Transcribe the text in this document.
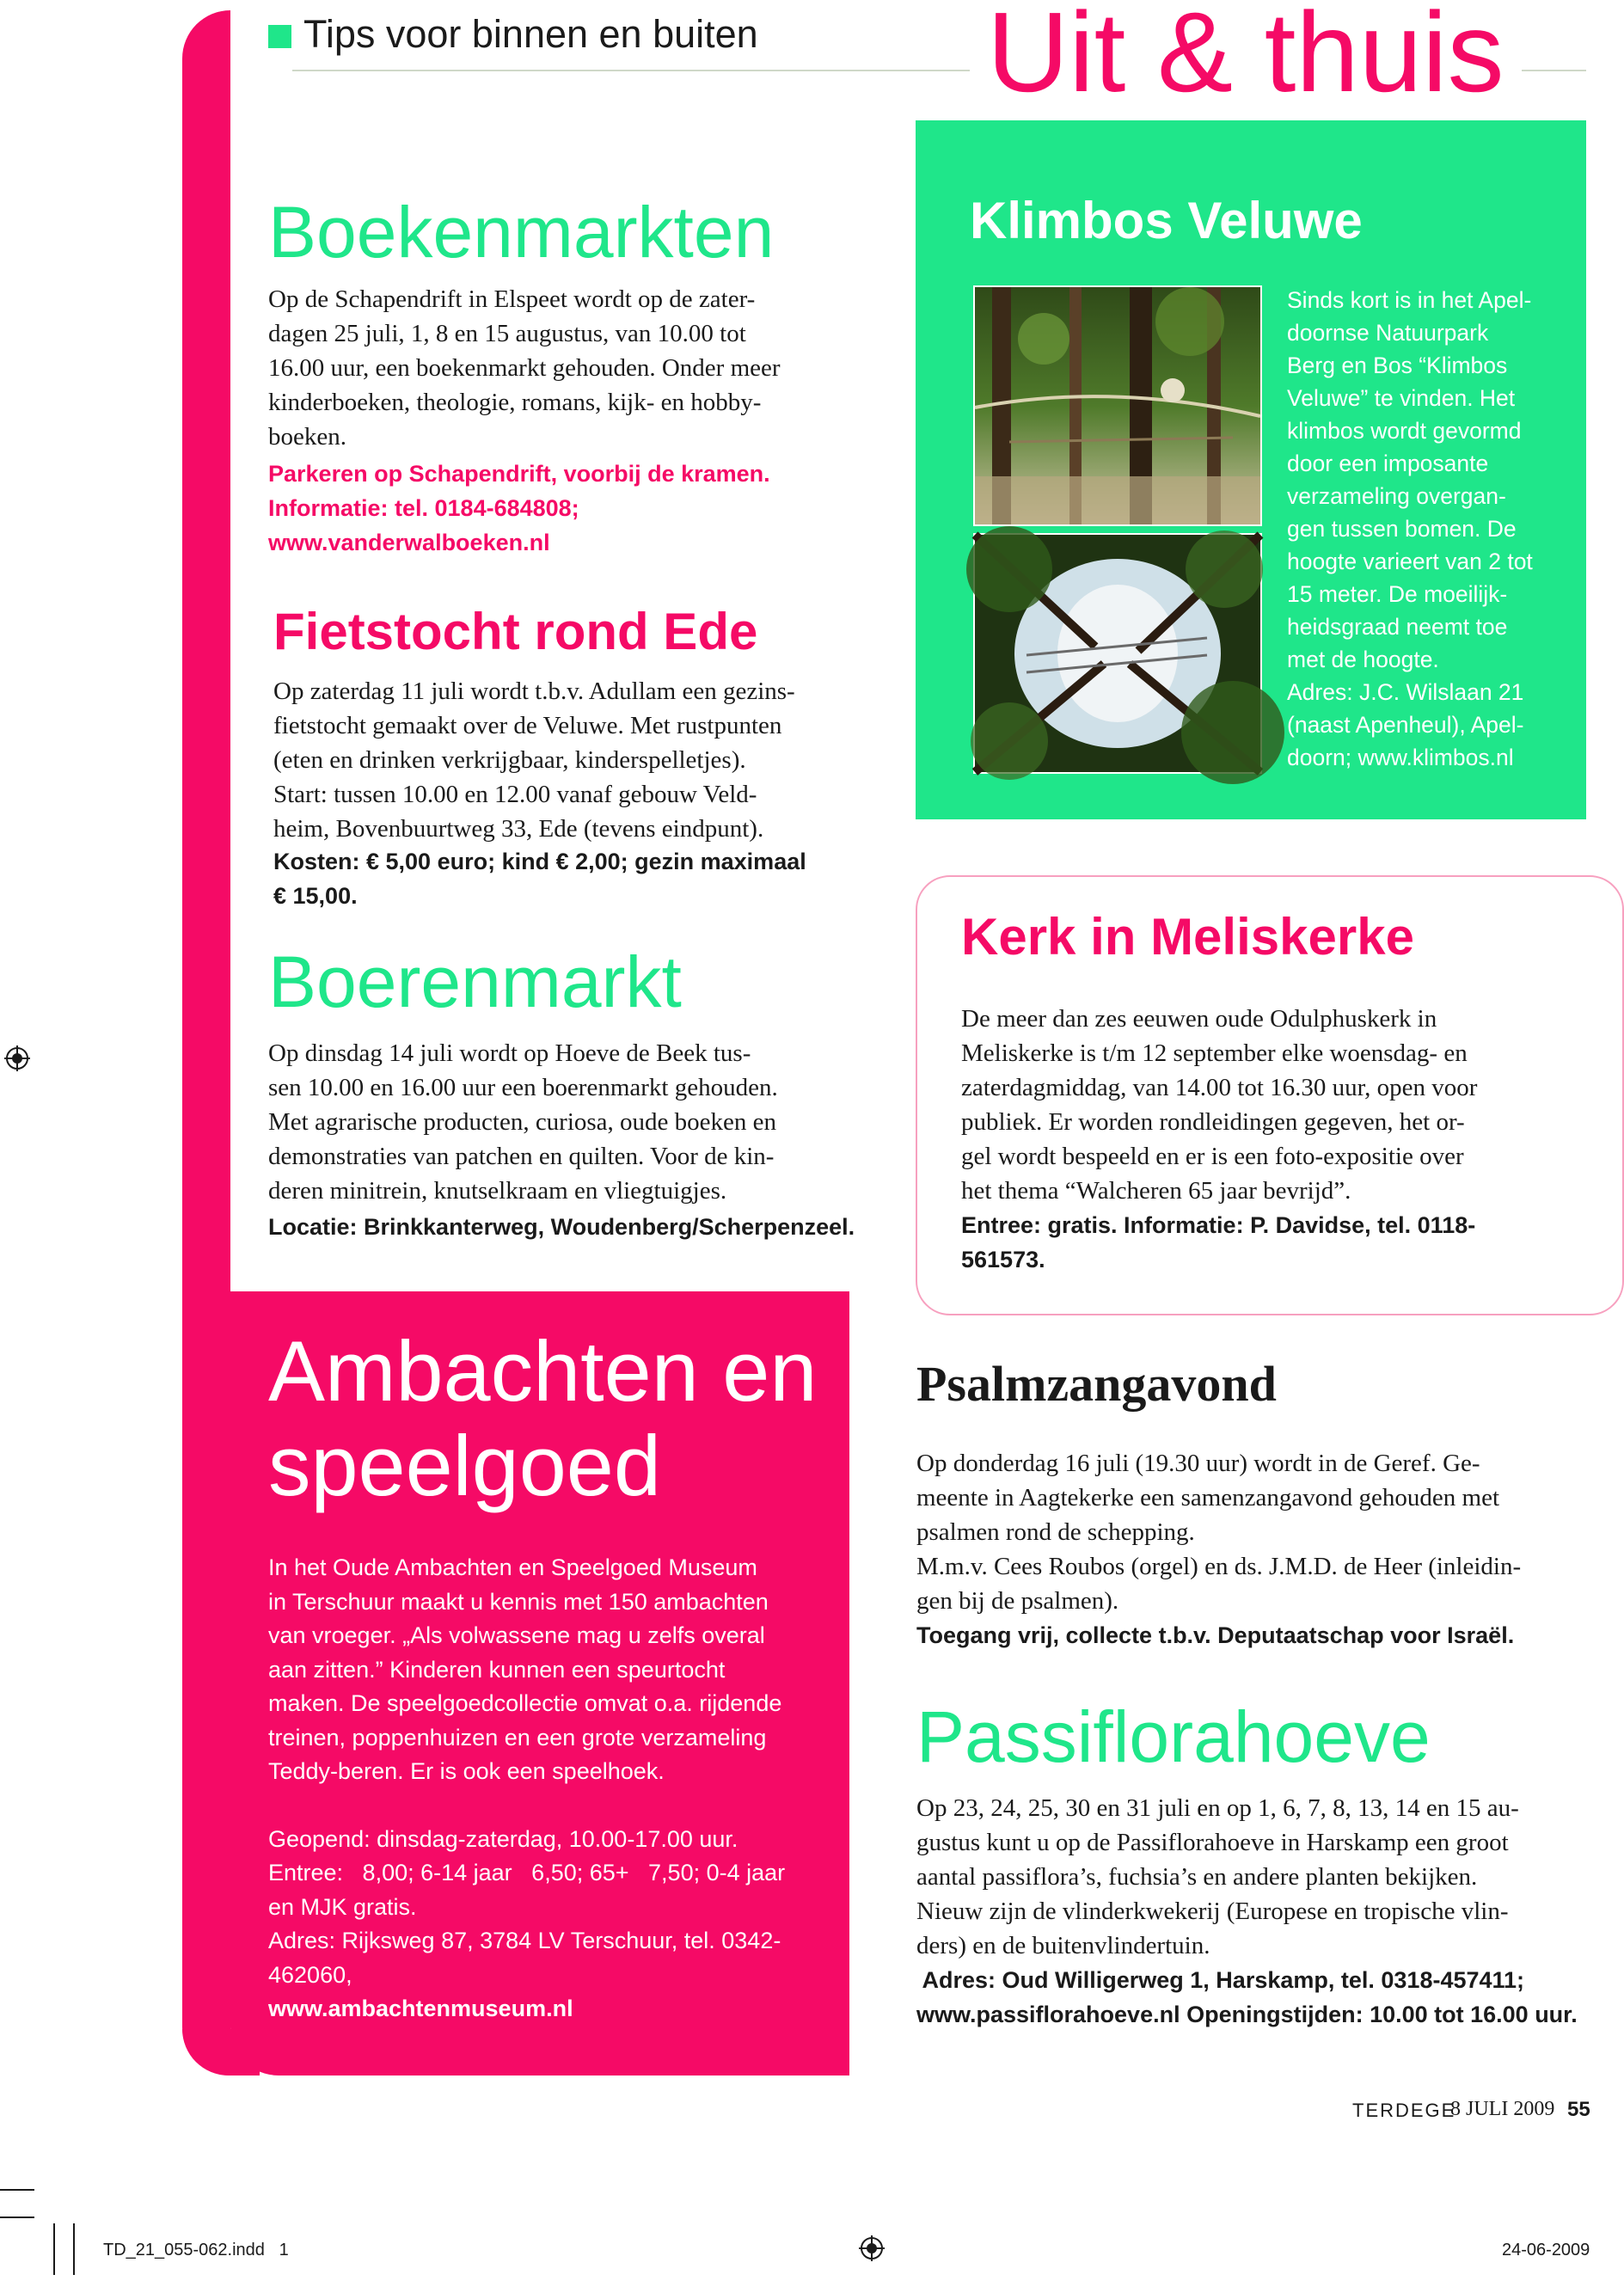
Tips voor binnen en buiten Uit & thuis
Boekenmarkten
Op de Schapendrift in Elspeet wordt op de zater-
dagen 25 juli, 1, 8 en 15 augustus, van 10.00 tot
16.00 uur, een boekenmarkt gehouden. Onder meer
kinderboeken, theologie, romans, kijk- en hobby-
boeken.
Parkeren op Schapendrift, voorbij de kramen.
Informatie: tel. 0184-684808;
www.vanderwalboeken.nl
Fietstocht rond Ede
Op zaterdag 11 juli wordt t.b.v. Adullam een gezins-
fietstocht gemaakt over de Veluwe. Met rustpunten
(eten en drinken verkrijgbaar, kinderspelletjes).
Start: tussen 10.00 en 12.00 vanaf gebouw Veld-
heim, Bovenbuurtweg 33, Ede (tevens eindpunt).
Kosten: € 5,00 euro; kind € 2,00; gezin maximaal
€ 15,00.
Boerenmarkt
Op dinsdag 14 juli wordt op Hoeve de Beek tus-
sen 10.00 en 16.00 uur een boerenmarkt gehouden.
Met agrarische producten, curiosa, oude boeken en
demonstraties van patchen en quilten. Voor de kin-
deren minitrein, knutselkraam en vliegtuigjes.
Locatie: Brinkkanterweg, Woudenberg/Scherpenzeel.
Ambachten en
speelgoed
In het Oude Ambachten en Speelgoed Museum
in Terschuur maakt u kennis met 150 ambachten
van vroeger. „Als volwassene mag u zelfs overal
aan zitten.” Kinderen kunnen een speurtocht
maken. De speelgoedcollectie omvat o.a. rijdende
treinen, poppenhuizen en een grote verzameling
Teddy-beren. Er is ook een speelhoek.
Geopend: dinsdag-zaterdag, 10.00-17.00 uur.
Entree:   8,00; 6-14 jaar   6,50; 65+   7,50; 0-4 jaar
en MJK gratis.
Adres: Rijksweg 87, 3784 LV Terschuur, tel. 0342-
462060,
www.ambachtenmuseum.nl
Klimbos Veluwe
Sinds kort is in het Apel-
doornse Natuurpark
Berg en Bos “Klimbos
Veluwe” te vinden. Het
klimbos wordt gevormd
door een imposante
verzameling overgan-
gen tussen bomen. De
hoogte varieert van 2 tot
15 meter. De moeilijk-
heidsgraad neemt toe
met de hoogte.
Adres: J.C. Wilslaan 21
(naast Apenheul), Apel-
doorn; www.klimbos.nl
Kerk in Meliskerke
De meer dan zes eeuwen oude Odulphuskerk in
Meliskerke is t/m 12 september elke woensdag- en
zaterdagmiddag, van 14.00 tot 16.30 uur, open voor
publiek. Er worden rondleidingen gegeven, het or-
gel wordt bespeeld en er is een foto-expositie over
het thema “Walcheren 65 jaar bevrijd”.
Entree: gratis. Informatie: P. Davidse, tel. 0118-
561573.
Psalmzangavond
Op donderdag 16 juli (19.30 uur) wordt in de Geref. Ge-
meente in Aagtekerke een samenzangavond gehouden met
psalmen rond de schepping.
M.m.v. Cees Roubos (orgel) en ds. J.M.D. de Heer (inleidin-
gen bij de psalmen).
Toegang vrij, collecte t.b.v. Deputaatschap voor Israël.
Passiflorahoeve
Op 23, 24, 25, 30 en 31 juli en op 1, 6, 7, 8, 13, 14 en 15 au-
gustus kunt u op de Passiflorahoeve in Harskamp een groot
aantal passiflora’s, fuchsia’s en andere planten bekijken.
Nieuw zijn de vlinderkwekerij (Europese en tropische vlin-
ders) en de buitenvlindertuin.
Adres: Oud Willigerweg 1, Harskamp, tel. 0318-457411;
www.passiflorahoeve.nl Openingstijden: 10.00 tot 16.00 uur.
TERDEGE
8 JULI 2009 55
TD_21_055-062.indd   1	24-06-2009
